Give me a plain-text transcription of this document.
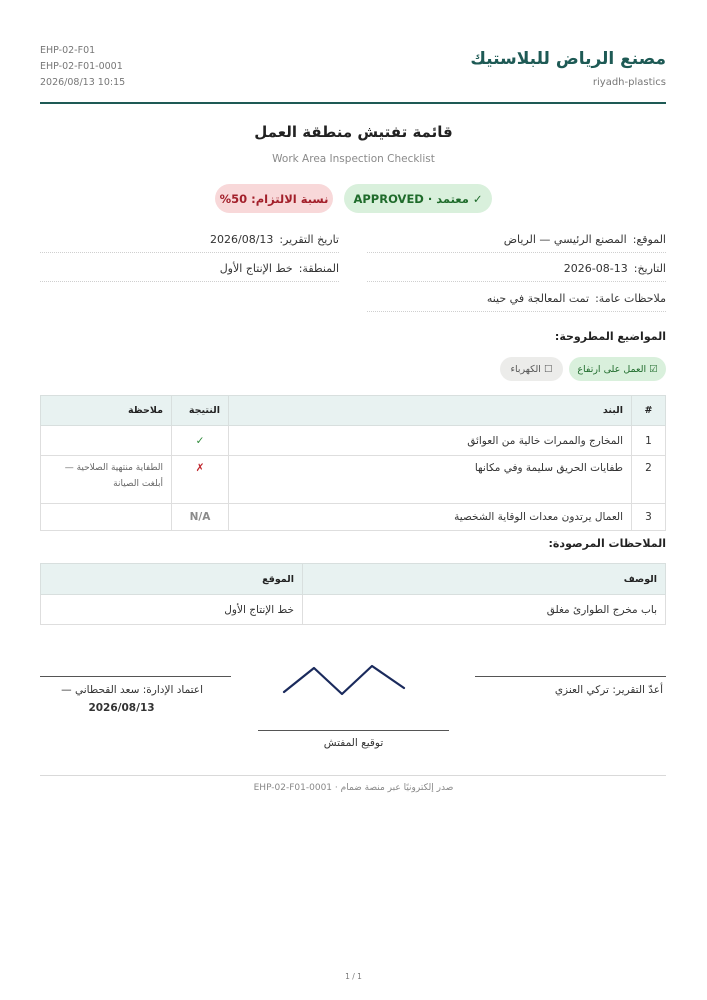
مصنع الرياض للبلاستيك
riyadh-plastics
EHP-02-F01
EHP-02-F01-0001
2026/08/13 10:15
قائمة تفتيش منطقة العمل
Work Area Inspection Checklist
✓ معتمد · APPROVED
نسبة الالتزام: 50%
الموقع:
المصنع الرئيسي — الرياض
التاريخ:
2026-08-13
ملاحظات عامة:
تمت المعالجة في حينه
تاريخ التقرير:
2026/08/13
المنطقة:
خط الإنتاج الأول
المواضيع المطروحة:
☑ العمل على ارتفاع
☐ الكهرباء
#	البند	النتيجة	ملاحظة
1	المخارج والممرات خالية من العوائق	✓	
2	طفايات الحريق سليمة وفي مكانها	✗	الطفاية منتهية الصلاحية — أبلغت الصيانة
3	العمال يرتدون معدات الوقاية الشخصية	N/A	
الملاحظات المرصودة:
الوصف	الموقع
باب مخرج الطوارئ مغلق	خط الإنتاج الأول
أعدّ التقرير: تركي العنزي
توقيع المفتش
اعتماد الإدارة: سعد القحطاني —
2026/08/13
صدر إلكترونيًا عبر منصة ضمام · EHP-02-F01-0001
1 / 1
